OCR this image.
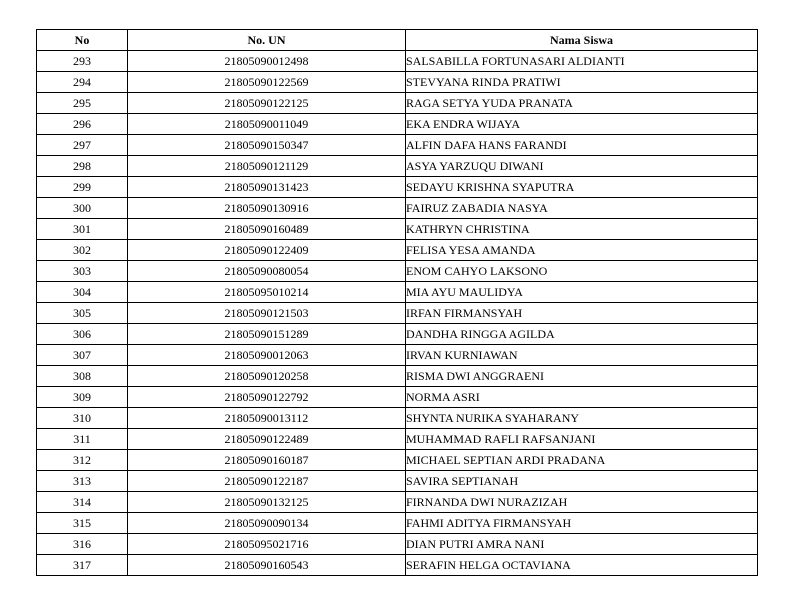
No	No. UN	Nama Siswa
293	21805090012498	SALSABILLA FORTUNASARI ALDIANTI
294	21805090122569	STEVYANA RINDA PRATIWI
295	21805090122125	RAGA SETYA YUDA PRANATA
296	21805090011049	EKA ENDRA WIJAYA
297	21805090150347	ALFIN DAFA HANS FARANDI
298	21805090121129	ASYA YARZUQU DIWANI
299	21805090131423	SEDAYU KRISHNA SYAPUTRA
300	21805090130916	FAIRUZ ZABADIA NASYA
301	21805090160489	KATHRYN CHRISTINA
302	21805090122409	FELISA YESA AMANDA
303	21805090080054	ENOM CAHYO LAKSONO
304	21805095010214	MIA AYU MAULIDYA
305	21805090121503	IRFAN FIRMANSYAH
306	21805090151289	DANDHA RINGGA AGILDA
307	21805090012063	IRVAN KURNIAWAN
308	21805090120258	RISMA DWI ANGGRAENI
309	21805090122792	NORMA ASRI
310	21805090013112	SHYNTA NURIKA SYAHARANY
311	21805090122489	MUHAMMAD RAFLI RAFSANJANI
312	21805090160187	MICHAEL SEPTIAN ARDI PRADANA
313	21805090122187	SAVIRA SEPTIANAH
314	21805090132125	FIRNANDA DWI NURAZIZAH
315	21805090090134	FAHMI ADITYA FIRMANSYAH
316	21805095021716	DIAN PUTRI AMRA NANI
317	21805090160543	SERAFIN HELGA OCTAVIANA
